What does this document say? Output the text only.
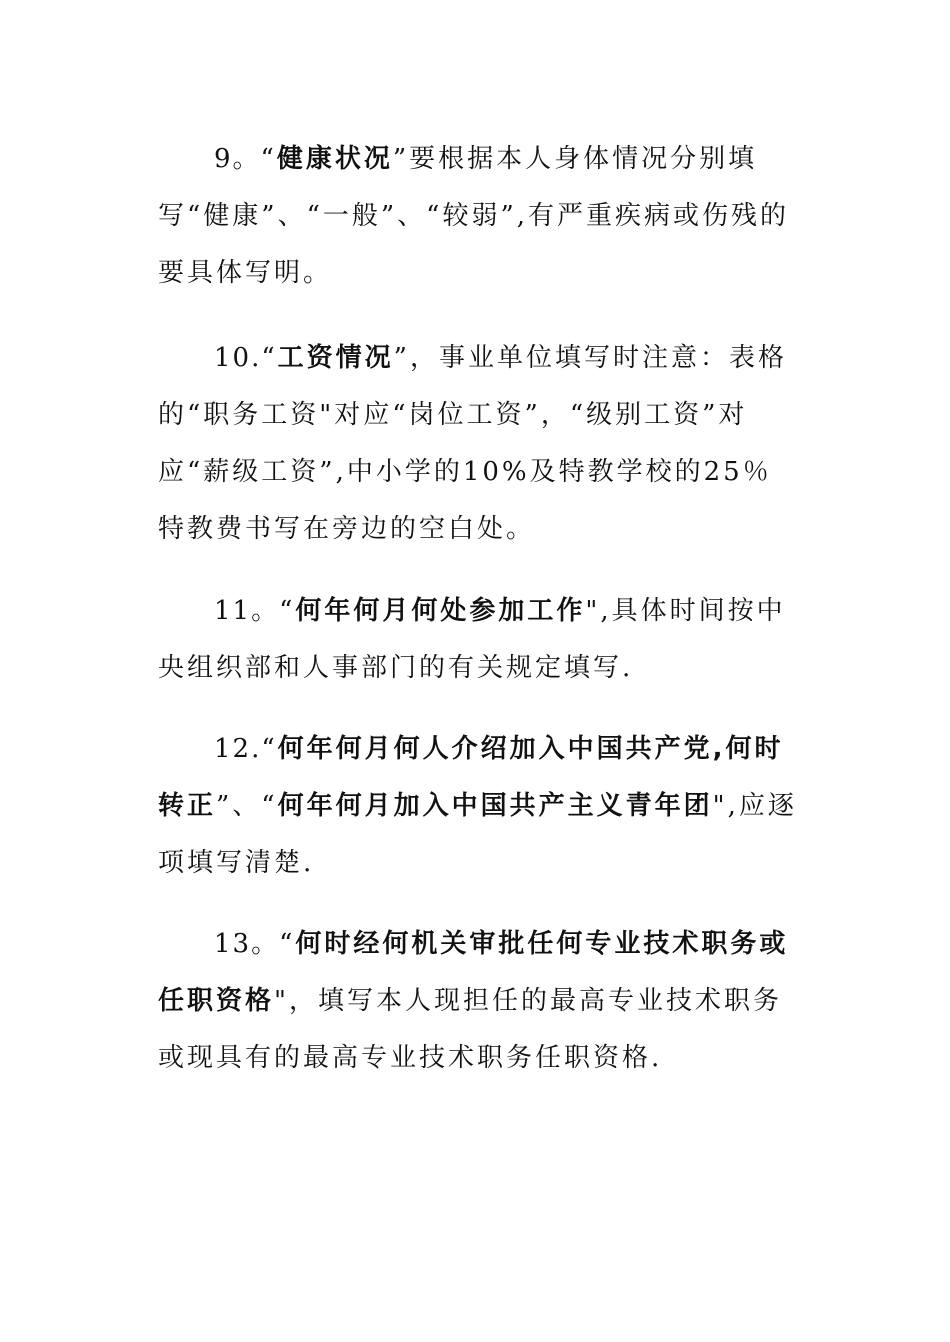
9。“健康状况”要根据本人身体情况分别填写“健康”、“一般”、“较弱”,有严重疾病或伤残的要具体写明。

10.“工资情况”，事业单位填写时注意：表格的“职务工资"对应“岗位工资”，“级别工资”对应“薪级工资”,中小学的10%及特教学校的25％特教费书写在旁边的空白处。

11。“何年何月何处参加工作",具体时间按中央组织部和人事部门的有关规定填写.

12.“何年何月何人介绍加入中国共产党,何时转正”、“何年何月加入中国共产主义青年团",应逐项填写清楚.

13。“何时经何机关审批任何专业技术职务或任职资格"，填写本人现担任的最高专业技术职务或现具有的最高专业技术职务任职资格.
